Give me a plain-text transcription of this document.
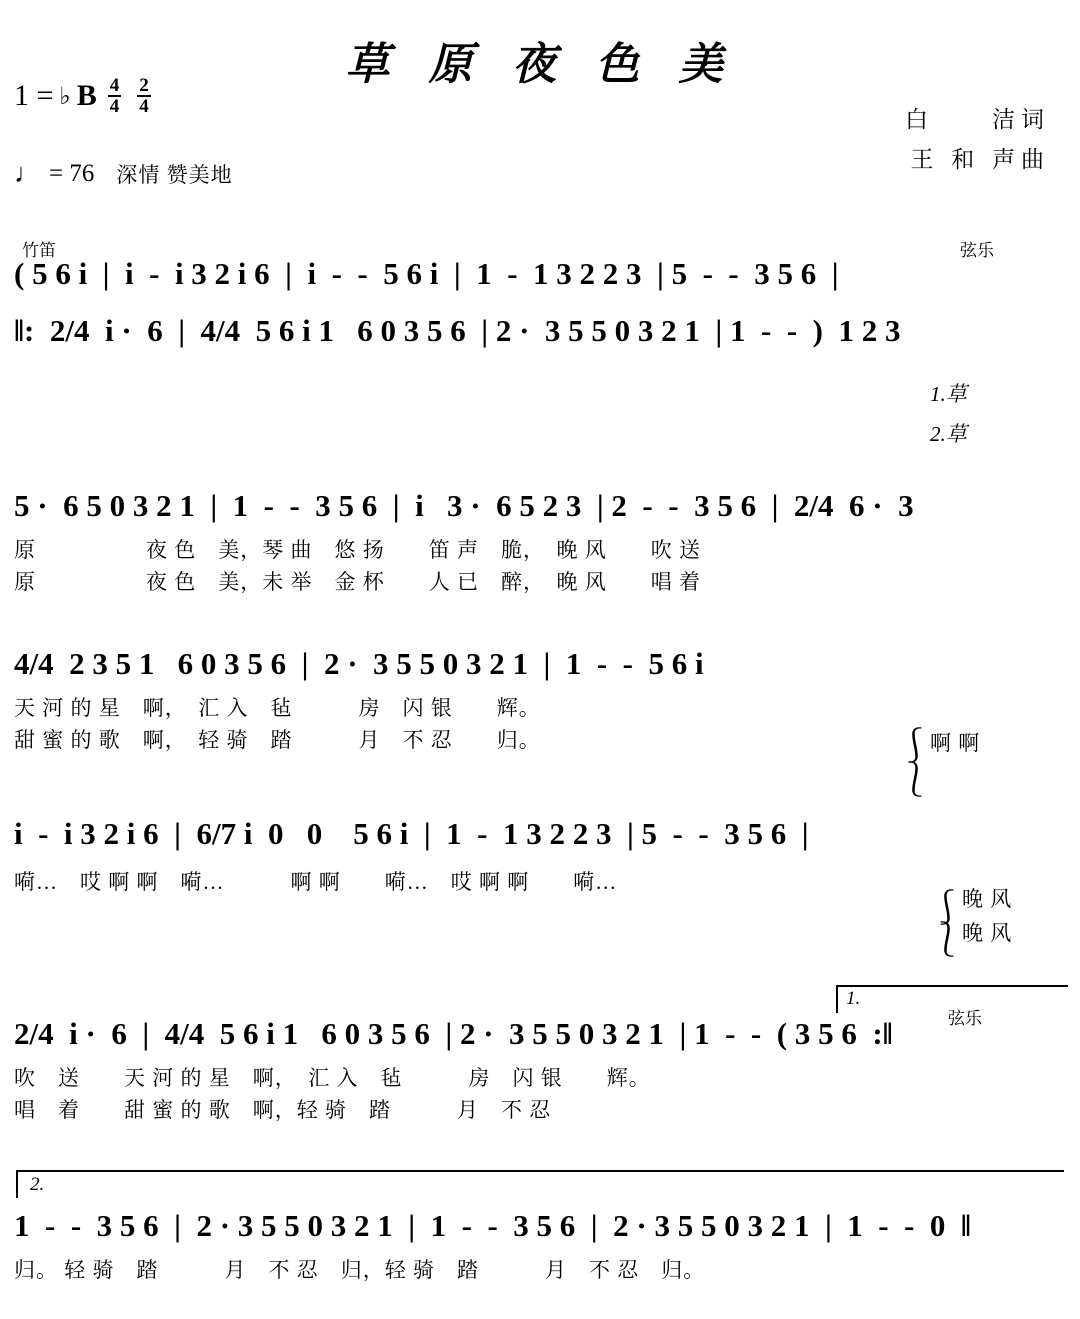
草 原 夜 色 美
1 = ♭ B $\frac{4}{4} \frac{2}{4}$
♩ = 76 深情 赞美地
白　　洁词
王 和 声曲
竹笛	弦乐
( 5 6 i  |  i  -  i 3 2 i 6  |  i  -  -  5 6 i  |  1  -  1 3 2 2 3  | 5  -  -  3 5 6  |
‖:  2/4  i ·  6  |  4/4  5 6 i 1   6 0 3 5 6  | 2 ·  3 5 5 0 3 2 1  | 1  -  -  )  1 2 3
1.草
2.草
5 ·  6 5 0 3 2 1  |  1  -  -  3 5 6  |  i   3 ·  6 5 2 3  | 2  -  -  3 5 6  |  2/4  6 ·  3
原　　　　　夜 色　美，琴 曲　悠 扬　　笛 声　脆，　晚 风　　吹 送
原　　　　　夜 色　美，未 举　金 杯　　人 已　醉，　晚 风　　唱 着
4/4  2 3 5 1   6 0 3 5 6  |  2 ·  3 5 5 0 3 2 1  |  1  -  -  5 6 i
天 河 的 星　啊，　汇 入　毡　　　房　闪 银　　辉。
甜 蜜 的 歌　啊，　轻 骑　踏　　　月　不 忍　　归。	⎰
⎱
啊 啊
i  -  i 3 2 i 6  |  6/7 i  0   0    5 6 i  |  1  -  1 3 2 2 3  | 5  -  -  3 5 6  |
嗬…　哎 啊 啊　嗬…　　　啊 啊　　嗬…　哎 啊 啊　　嗬…
⎰
⎱
晚 风
晚 风
1.
弦乐
2/4  i ·  6  |  4/4  5 6 i 1   6 0 3 5 6  | 2 ·  3 5 5 0 3 2 1  | 1  -  -  ( 3 5 6  :‖
吹　送　　天 河 的 星　啊，　汇 入　毡　　　房　闪 银　　辉。
唱　着　　甜 蜜 的 歌　啊，轻 骑　踏　　　月　不 忍
2.
1  -  -  3 5 6  |  2 · 3 5 5 0 3 2 1  |  1  -  -  3 5 6  |  2 · 3 5 5 0 3 2 1  |  1  -  -  0  ‖
归。 轻 骑　踏　　　月　不 忍　归，轻 骑　踏　　　月　不 忍　归。
